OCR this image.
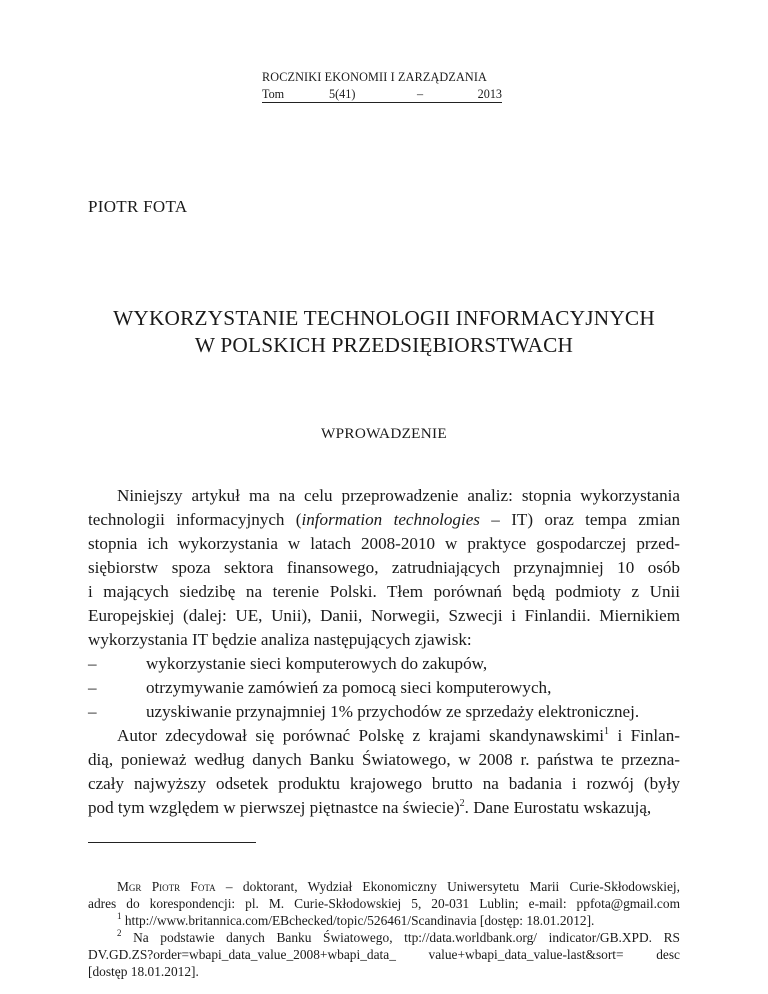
ROCZNIKI EKONOMII I ZARZĄDZANIA
Tom	5(41)	–	2013
PIOTR FOTA
WYKORZYSTANIE TECHNOLOGII INFORMACYJNYCH
W POLSKICH PRZEDSIĘBIORSTWACH
WPROWADZENIE
Niniejszy artykuł ma na celu przeprowadzenie analiz: stopnia wykorzystania
technologii informacyjnych (information technologies – IT) oraz tempa zmian
stopnia ich wykorzystania w latach 2008-2010 w praktyce gospodarczej przed-
siębiorstw spoza sektora finansowego, zatrudniających przynajmniej 10 osób
i mających siedzibę na terenie Polski. Tłem porównań będą podmioty z Unii
Europejskiej (dalej: UE, Unii), Danii, Norwegii, Szwecji i Finlandii. Miernikiem
wykorzystania IT będzie analiza następujących zjawisk:
–	wykorzystanie sieci komputerowych do zakupów,
–	otrzymywanie zamówień za pomocą sieci komputerowych,
–	uzyskiwanie przynajmniej 1% przychodów ze sprzedaży elektronicznej.
Autor zdecydował się porównać Polskę z krajami skandynawskimi$^1$ i Finlan-
dią, ponieważ według danych Banku Światowego, w 2008 r. państwa te przezna-
czały najwyższy odsetek produktu krajowego brutto na badania i rozwój (były
pod tym względem w pierwszej piętnastce na świecie)$^2$. Dane Eurostatu wskazują,
Mgr Piotr Fota – doktorant, Wydział Ekonomiczny Uniwersytetu Marii Curie-Skłodowskiej,
adres do korespondencji: pl. M. Curie-Skłodowskiej 5, 20-031 Lublin; e-mail: ppfota@gmail.com
$^1$ http://www.britannica.com/EBchecked/topic/526461/Scandinavia [dostęp: 18.01.2012].
$^2$ Na podstawie danych Banku Światowego, ttp://data.worldbank.org/ indicator/GB.XPD. RS
DV.GD.ZS?order=wbapi_data_value_2008+wbapi_data_ value+wbapi_data_value-last&sort= desc
[dostęp 18.01.2012].
